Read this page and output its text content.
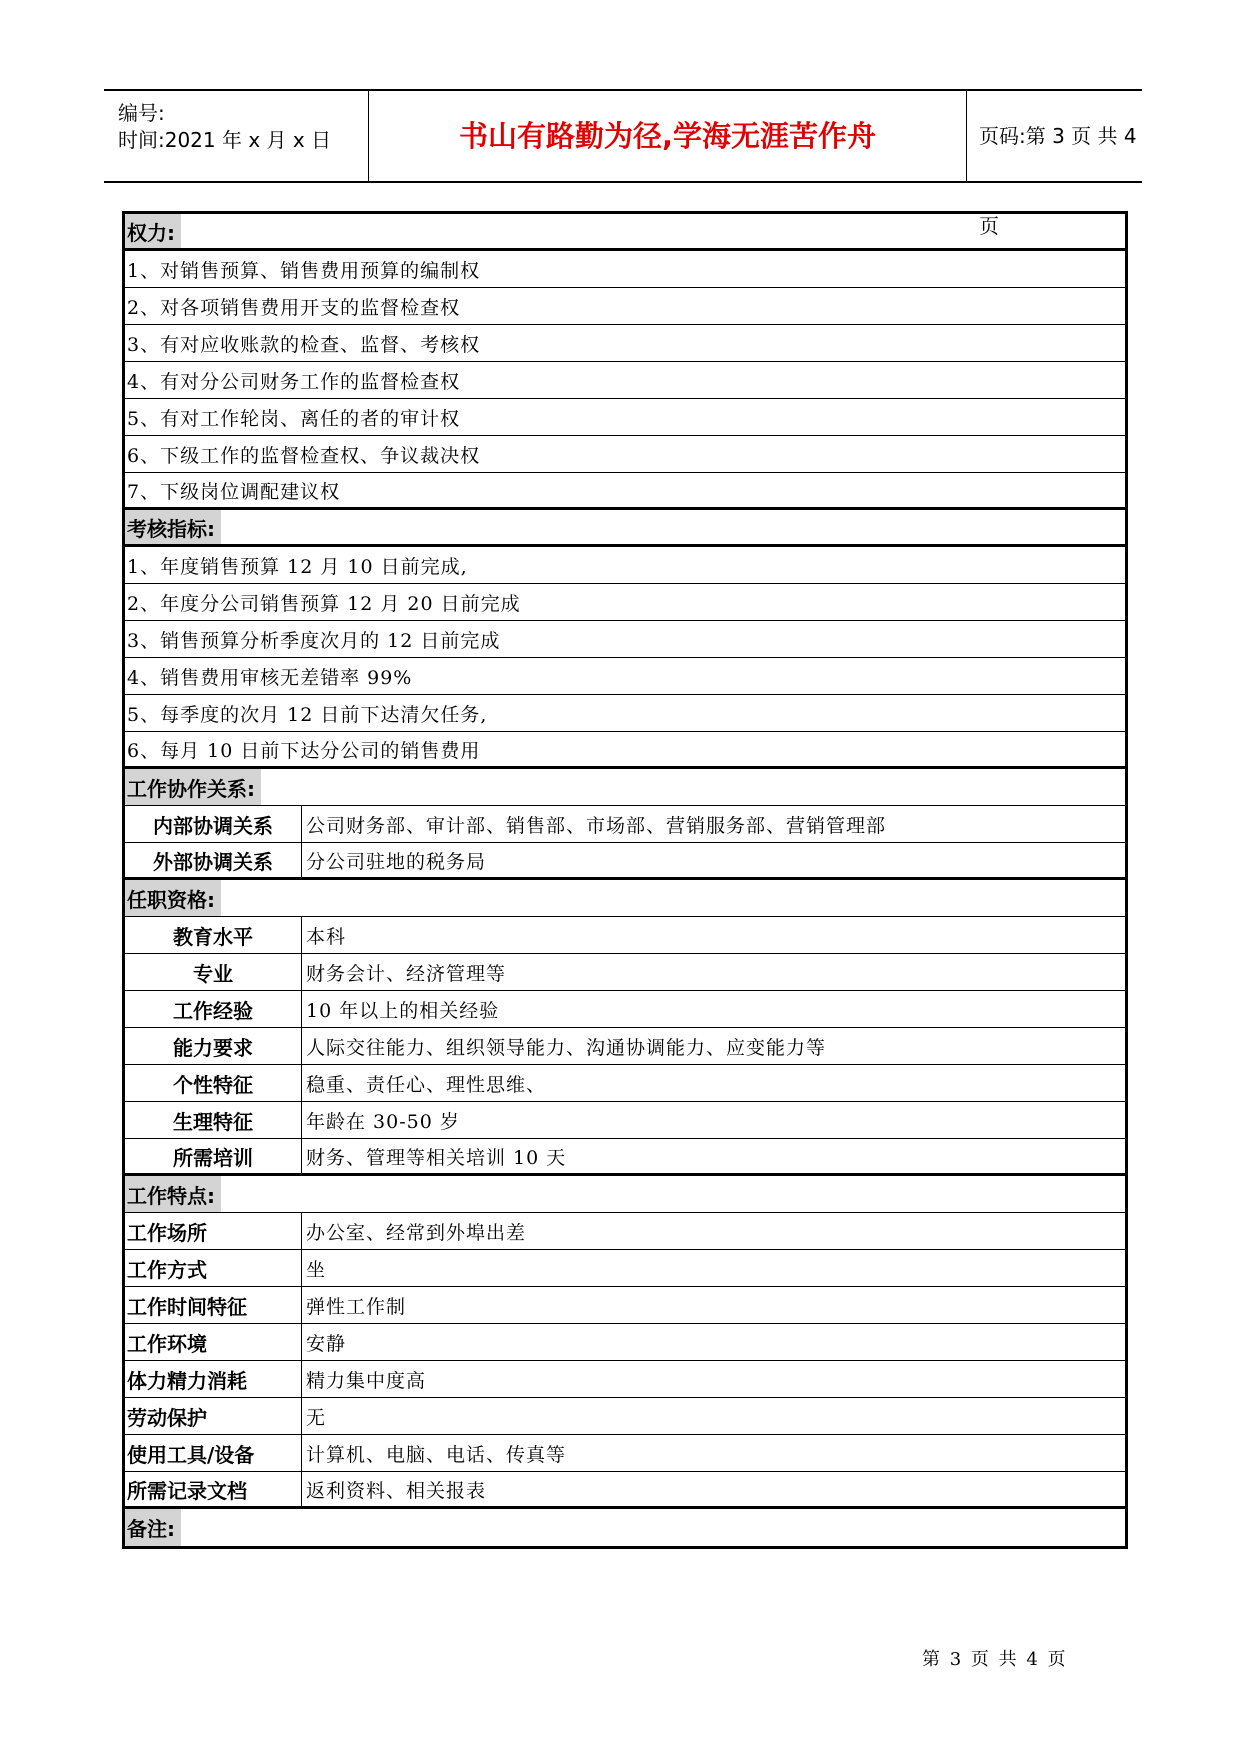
编号:
时间:2021 年 x 月 x 日	书山有路勤为径,学海无涯苦作舟	页码:第 3 页 共 4 页
权力:
1、对销售预算、销售费用预算的编制权
2、对各项销售费用开支的监督检查权
3、有对应收账款的检查、监督、考核权
4、有对分公司财务工作的监督检查权
5、有对工作轮岗、离任的者的审计权
6、下级工作的监督检查权、争议裁决权
7、下级岗位调配建议权
考核指标:
1、年度销售预算 12 月 10 日前完成,
2、年度分公司销售预算 12 月 20 日前完成
3、销售预算分析季度次月的 12 日前完成
4、销售费用审核无差错率 99%
5、每季度的次月 12 日前下达清欠任务,
6、每月 10 日前下达分公司的销售费用
工作协作关系:
内部协调关系	公司财务部、审计部、销售部、市场部、营销服务部、营销管理部
外部协调关系	分公司驻地的税务局
任职资格:
教育水平	本科
专业	财务会计、经济管理等
工作经验	10 年以上的相关经验
能力要求	人际交往能力、组织领导能力、沟通协调能力、应变能力等
个性特征	稳重、责任心、理性思维、
生理特征	年龄在 30-50 岁
所需培训	财务、管理等相关培训 10 天
工作特点:
工作场所	办公室、经常到外埠出差
工作方式	坐
工作时间特征	弹性工作制
工作环境	安静
体力精力消耗	精力集中度高
劳动保护	无
使用工具/设备	计算机、电脑、电话、传真等
所需记录文档	返利资料、相关报表
备注:
第 3 页 共 4 页
